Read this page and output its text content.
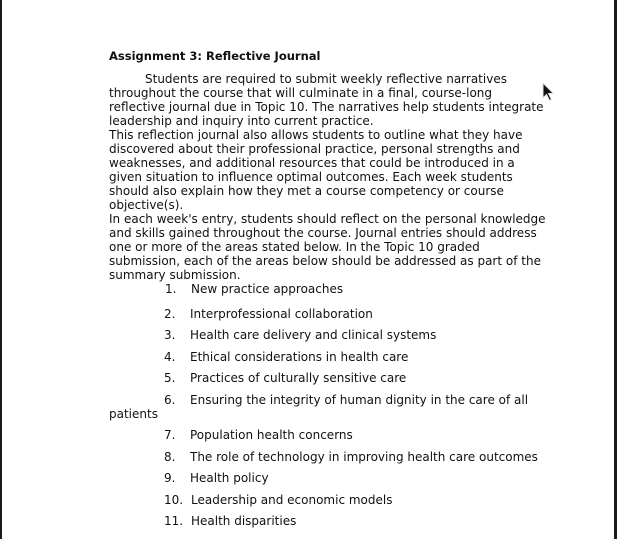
Assignment 3: Reflective Journal

Students are required to submit weekly reflective narratives throughout the course that will culminate in a final, course-long reflective journal due in Topic 10. The narratives help students integrate leadership and inquiry into current practice.

This reflection journal also allows students to outline what they have discovered about their professional practice, personal strengths and weaknesses, and additional resources that could be introduced in a given situation to influence optimal outcomes. Each week students should also explain how they met a course competency or course objective(s).

In each week's entry, students should reflect on the personal knowledge and skills gained throughout the course. Journal entries should address one or more of the areas stated below. In the Topic 10 graded submission, each of the areas below should be addressed as part of the summary submission.

1. New practice approaches
2. Interprofessional collaboration
3. Health care delivery and clinical systems
4. Ethical considerations in health care
5. Practices of culturally sensitive care
6. Ensuring the integrity of human dignity in the care of all patients
7. Population health concerns
8. The role of technology in improving health care outcomes
9. Health policy
10. Leadership and economic models
11. Health disparities
